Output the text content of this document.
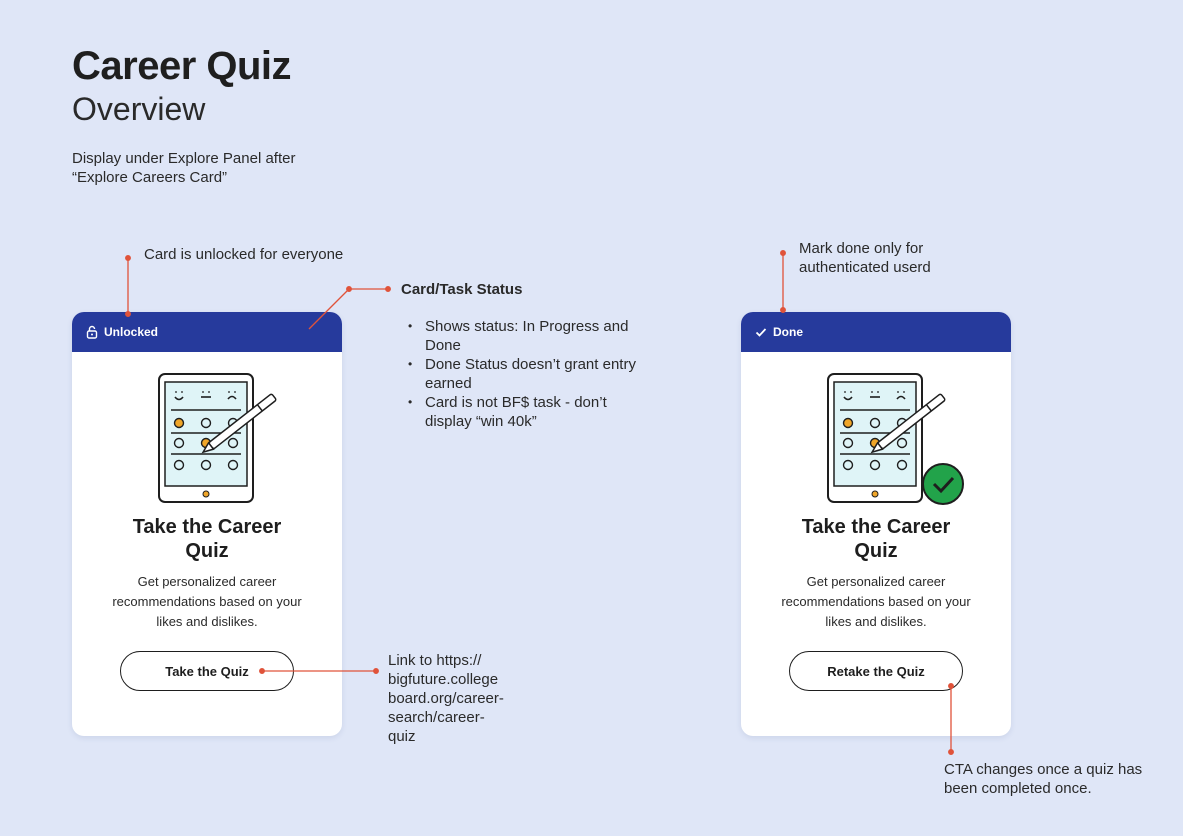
Career Quiz
Overview
Display under Explore Panel after “Explore Careers Card”
Card is unlocked for everyone
Card/Task Status
• Shows status: In Progress and Done
• Done Status doesn’t grant entry earned
• Card is not BF$ task - don’t display “win 40k”
Link to https:// bigfuture.college board.org/career- search/career- quiz
Mark done only for authenticated userd
CTA changes once a quiz has been completed once.
Unlocked
Take the Career Quiz
Get personalized career recommendations based on your likes and dislikes.
Take the Quiz
Done
Take the Career Quiz
Get personalized career recommendations based on your likes and dislikes.
Retake the Quiz
